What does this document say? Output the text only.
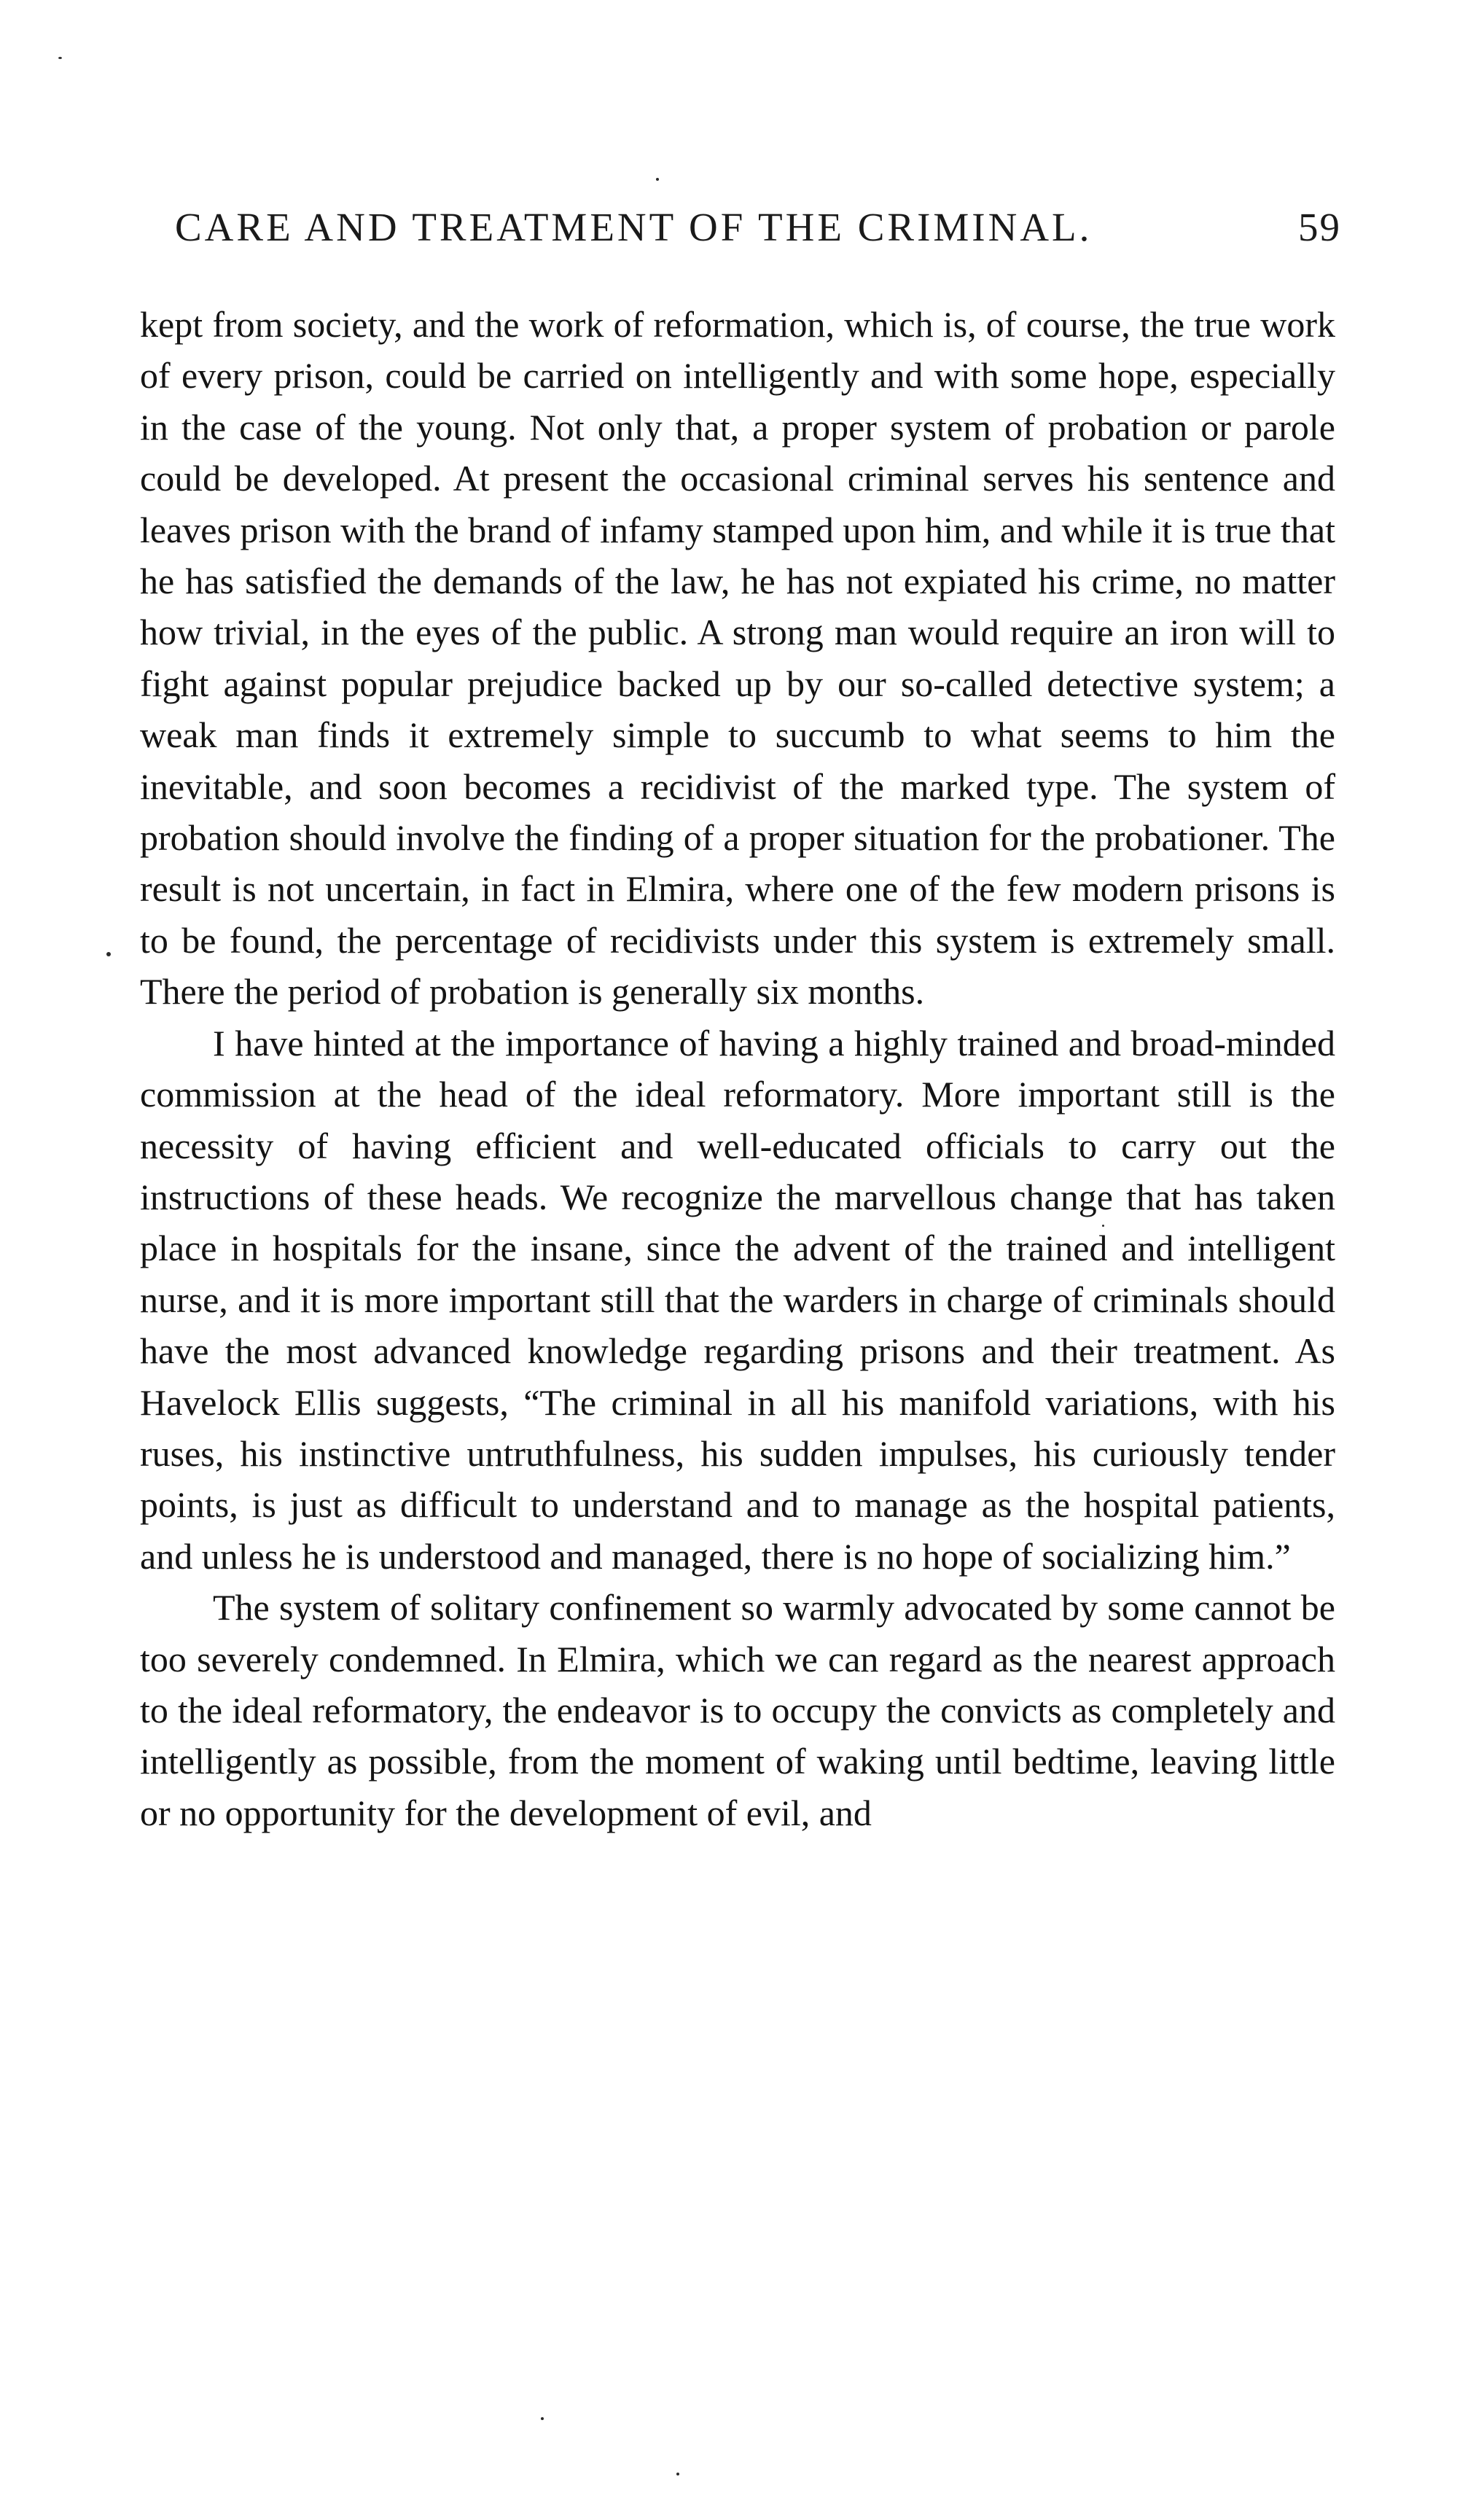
CARE AND TREATMENT OF THE CRIMINAL.	59

kept from society, and the work of reformation, which is, of course, the true work of every prison, could be carried on intelligently and with some hope, especially in the case of the young. Not only that, a proper system of probation or parole could be developed. At present the occasional criminal serves his sentence and leaves prison with the brand of infamy stamped upon him, and while it is true that he has satisfied the demands of the law, he has not expiated his crime, no matter how trivial, in the eyes of the public. A strong man would require an iron will to fight against popular prejudice backed up by our so-called detective system; a weak man finds it extremely simple to succumb to what seems to him the inevitable, and soon becomes a recidivist of the marked type. The system of probation should involve the finding of a proper situation for the probationer. The result is not uncertain, in fact in Elmira, where one of the few modern prisons is to be found, the percentage of recidivists under this system is extremely small. There the period of probation is generally six months.

I have hinted at the importance of having a highly trained and broad-minded commission at the head of the ideal reformatory. More important still is the necessity of having efficient and well-educated officials to carry out the instructions of these heads. We recognize the marvellous change that has taken place in hospitals for the insane, since the advent of the trained and intelligent nurse, and it is more important still that the warders in charge of criminals should have the most advanced knowledge regarding prisons and their treatment. As Havelock Ellis suggests, “The criminal in all his manifold variations, with his ruses, his instinctive untruthfulness, his sudden impulses, his curiously tender points, is just as difficult to understand and to manage as the hospital patients, and unless he is understood and managed, there is no hope of socializing him.”

The system of solitary confinement so warmly advocated by some cannot be too severely condemned. In Elmira, which we can regard as the nearest approach to the ideal reformatory, the endeavor is to occupy the convicts as completely and intelligently as possible, from the moment of waking until bedtime, leaving little or no opportunity for the development of evil, and
